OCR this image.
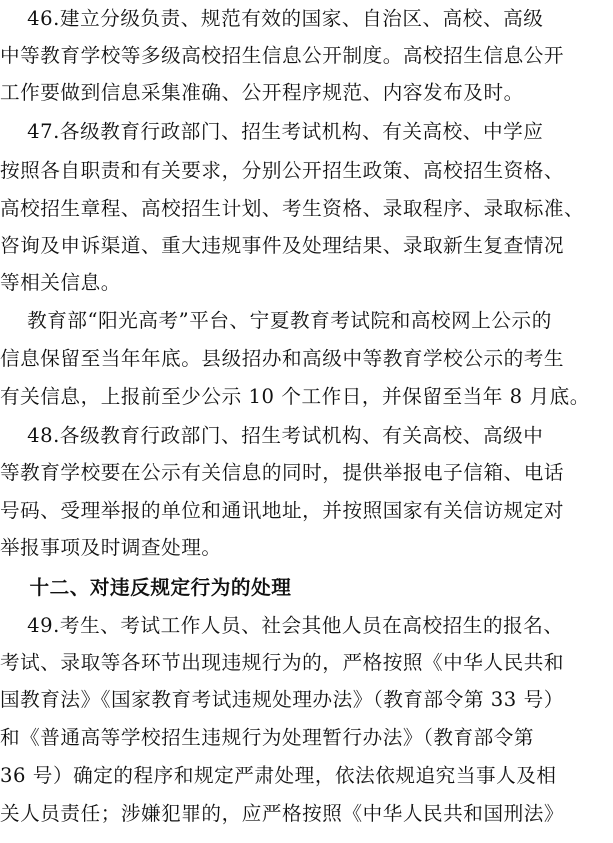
46.建立分级负责、规范有效的国家、自治区、高校、高级
中等教育学校等多级高校招生信息公开制度。高校招生信息公开
工作要做到信息采集准确、公开程序规范、内容发布及时。
47.各级教育行政部门、招生考试机构、有关高校、中学应
按照各自职责和有关要求，分别公开招生政策、高校招生资格、
高校招生章程、高校招生计划、考生资格、录取程序、录取标准、
咨询及申诉渠道、重大违规事件及处理结果、录取新生复查情况
等相关信息。
教育部“阳光高考”平台、宁夏教育考试院和高校网上公示的
信息保留至当年年底。县级招办和高级中等教育学校公示的考生
有关信息，上报前至少公示 10 个工作日，并保留至当年 8 月底。
48.各级教育行政部门、招生考试机构、有关高校、高级中
等教育学校要在公示有关信息的同时，提供举报电子信箱、电话
号码、受理举报的单位和通讯地址，并按照国家有关信访规定对
举报事项及时调查处理。
十二、对违反规定行为的处理
49.考生、考试工作人员、社会其他人员在高校招生的报名、
考试、录取等各环节出现违规行为的，严格按照《中华人民共和
国教育法》《国家教育考试违规处理办法》（教育部令第 33 号）
和《普通高等学校招生违规行为处理暂行办法》（教育部令第
36 号）确定的程序和规定严肃处理，依法依规追究当事人及相
关人员责任；涉嫌犯罪的，应严格按照《中华人民共和国刑法》
